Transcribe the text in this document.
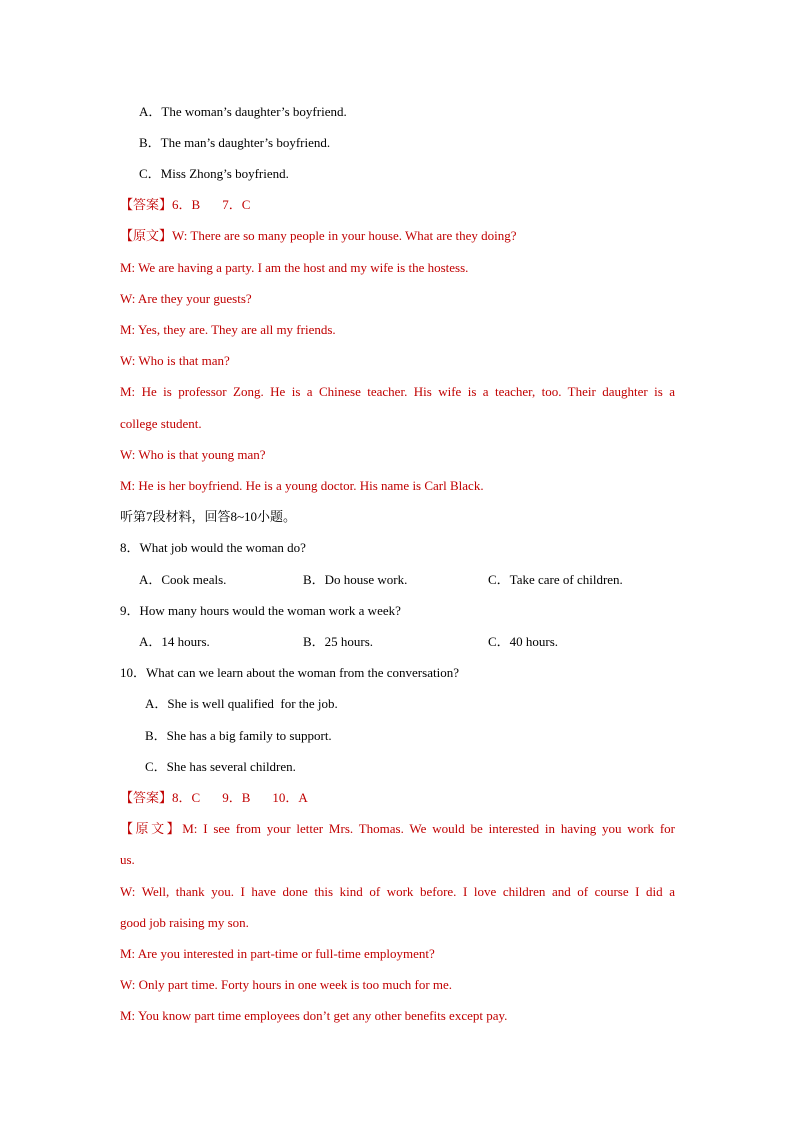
A．The woman’s daughter’s boyfriend.
B．The man’s daughter’s boyfriend.
C．Miss Zhong’s boyfriend.
【答案】6．B 7．C
【原文】W: There are so many people in your house. What are they doing?
M: We are having a party. I am the host and my wife is the hostess.
W: Are they your guests?
M: Yes, they are. They are all my friends.
W: Who is that man?
M: He is professor Zong. He is a Chinese teacher. His wife is a teacher, too. Their daughter is a
college student.
W: Who is that young man?
M: He is her boyfriend. He is a young doctor. His name is Carl Black.
听第7段材料，回答8~10小题。
8．What job would the woman do?
A．Cook meals.	B．Do house work.	C．Take care of children.
9．How many hours would the woman work a week?
A．14 hours.	B．25 hours.	C．40 hours.
10．What can we learn about the woman from the conversation?
A．She is well qualified  for the job.
B．She has a big family to support.
C．She has several children.
【答案】8．C 9．B 10．A
【原文】M: I see from your letter Mrs. Thomas. We would be interested in having you work for
us.
W: Well, thank you. I have done this kind of work before. I love children and of course I did a
good job raising my son.
M: Are you interested in part-time or full-time employment?
W: Only part time. Forty hours in one week is too much for me.
M: You know part time employees don’t get any other benefits except pay.
